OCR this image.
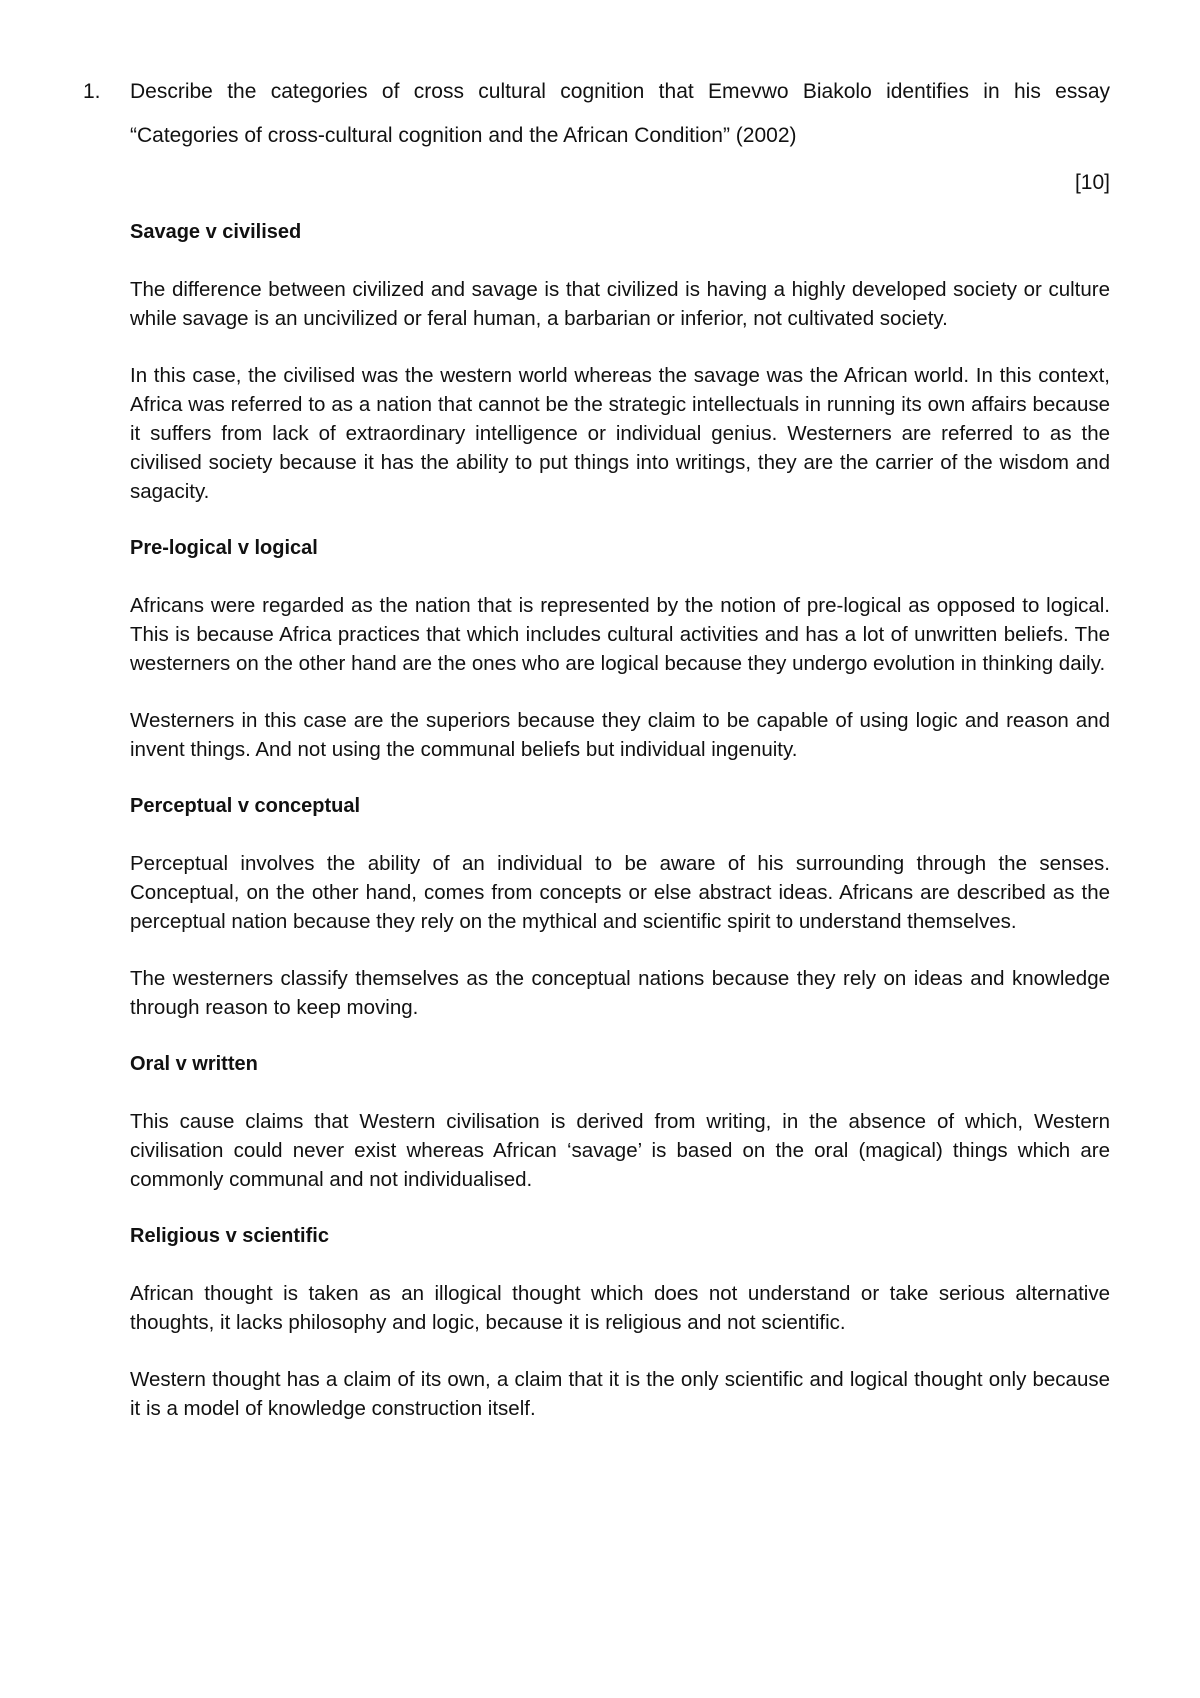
1. Describe the categories of cross cultural cognition that Emevwo Biakolo identifies in his essay “Categories of cross-cultural cognition and the African Condition” (2002)
[10]
Savage v civilised

The difference between civilized and savage is that civilized is having a highly developed society or culture while savage is an uncivilized or feral human, a barbarian or inferior, not cultivated society.

In this case, the civilised was the western world whereas the savage was the African world. In this context, Africa was referred to as a nation that cannot be the strategic intellectuals in running its own affairs because it suffers from lack of extraordinary intelligence or individual genius. Westerners are referred to as the civilised society because it has the ability to put things into writings, they are the carrier of the wisdom and sagacity.

Pre-logical v logical

Africans were regarded as the nation that is represented by the notion of pre-logical as opposed to logical. This is because Africa practices that which includes cultural activities and has a lot of unwritten beliefs. The westerners on the other hand are the ones who are logical because they undergo evolution in thinking daily.

Westerners in this case are the superiors because they claim to be capable of using logic and reason and invent things. And not using the communal beliefs but individual ingenuity.

Perceptual v conceptual

Perceptual involves the ability of an individual to be aware of his surrounding through the senses. Conceptual, on the other hand, comes from concepts or else abstract ideas. Africans are described as the perceptual nation because they rely on the mythical and scientific spirit to understand themselves.

The westerners classify themselves as the conceptual nations because they rely on ideas and knowledge through reason to keep moving.

Oral v written

This cause claims that Western civilisation is derived from writing, in the absence of which, Western civilisation could never exist whereas African ‘savage’ is based on the oral (magical) things which are commonly communal and not individualised.

Religious v scientific

African thought is taken as an illogical thought which does not understand or take serious alternative thoughts, it lacks philosophy and logic, because it is religious and not scientific.

Western thought has a claim of its own, a claim that it is the only scientific and logical thought only because it is a model of knowledge construction itself.
